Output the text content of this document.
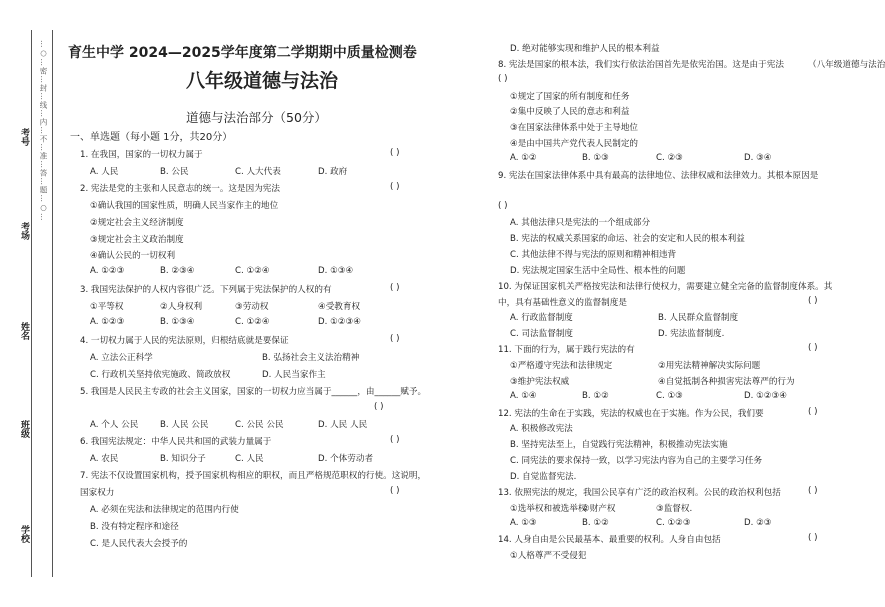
…○…密…封…线…内…不…准…答…题…○…
考号
考场
姓名
班级
学校
育生中学 2024—2025学年度第二学期期中质量检测卷
八年级道德与法治
道德与法治部分（50分）
一、单选题（每小题 1分，共20分）
1. 在我国，国家的一切权力属于	( )
A. 人民	B. 公民	C. 人大代表	D. 政府
2. 宪法是党的主张和人民意志的统一。这是因为宪法	( )
①确认我国的国家性质，明确人民当家作主的地位
②规定社会主义经济制度
③规定社会主义政治制度
④确认公民的一切权利
A. ①②③	B. ②③④	C. ①②④	D. ①③④
3. 我国宪法保护的人权内容很广泛。下列属于宪法保护的人权的有	( )
①平等权	②人身权利	③劳动权	④受教育权
A. ①②③	B. ①③④	C. ①②④	D. ①②③④
4. 一切权力属于人民的宪法原则，归根结底就是要保证	( )
A. 立法公正科学	B. 弘扬社会主义法治精神
C. 行政机关坚持依宪施政、简政放权	D. 人民当家作主
5. 我国是人民民主专政的社会主义国家，国家的一切权力应当属于______，由______赋予。
( )
A. 个人 公民	B. 人民 公民	C. 公民 公民	D. 人民 人民
6. 我国宪法规定：中华人民共和国的武装力量属于	( )
A. 农民	B. 知识分子	C. 人民	D. 个体劳动者
7. 宪法不仅设置国家机构，授予国家机构相应的职权，而且严格规范职权的行使。这说明，
国家权力	( )
A. 必须在宪法和法律规定的范围内行使
B. 没有特定程序和途径
C. 是人民代表大会授予的
D. 绝对能够实现和维护人民的根本利益
8. 宪法是国家的根本法，我们实行依法治国首先是依宪治国。这是由于宪法	（八年级道德与法治
( )
①规定了国家的所有制度和任务
②集中反映了人民的意志和利益
③在国家法律体系中处于主导地位
④是由中国共产党代表人民制定的
A. ①②	B. ①③	C. ②③	D. ③④
9. 宪法在国家法律体系中具有最高的法律地位、法律权威和法律效力。其根本原因是
( )
A. 其他法律只是宪法的一个组成部分
B. 宪法的权威关系国家的命运、社会的安定和人民的根本利益
C. 其他法律不得与宪法的原则和精神相违背
D. 宪法规定国家生活中全局性、根本性的问题
10. 为保证国家机关严格按宪法和法律行使权力，需要建立健全完备的监督制度体系。其
中，具有基础性意义的监督制度是	( )
A. 行政监督制度	B. 人民群众监督制度
C. 司法监督制度	D. 宪法监督制度.
11. 下面的行为，属于践行宪法的有	( )
①严格遵守宪法和法律规定	②用宪法精神解决实际问题
③维护宪法权威	④自觉抵制各种损害宪法尊严的行为
A. ①④	B. ①②	C. ①③	D. ①②③④
12. 宪法的生命在于实践，宪法的权威也在于实施。作为公民，我们要	( )
A. 积极修改宪法
B. 坚持宪法至上，自觉践行宪法精神，积极推动宪法实施
C. 同宪法的要求保持一致，以学习宪法内容为自己的主要学习任务
D. 自觉监督宪法.
13. 依照宪法的规定，我国公民享有广泛的政治权利。公民的政治权利包括	( )
①选举权和被选举权
②财产权	③监督权.
A. ①③	B. ①②	C. ①②③	D. ②③
14. 人身自由是公民最基本、最重要的权利。人身自由包括	( )
①人格尊严不受侵犯
